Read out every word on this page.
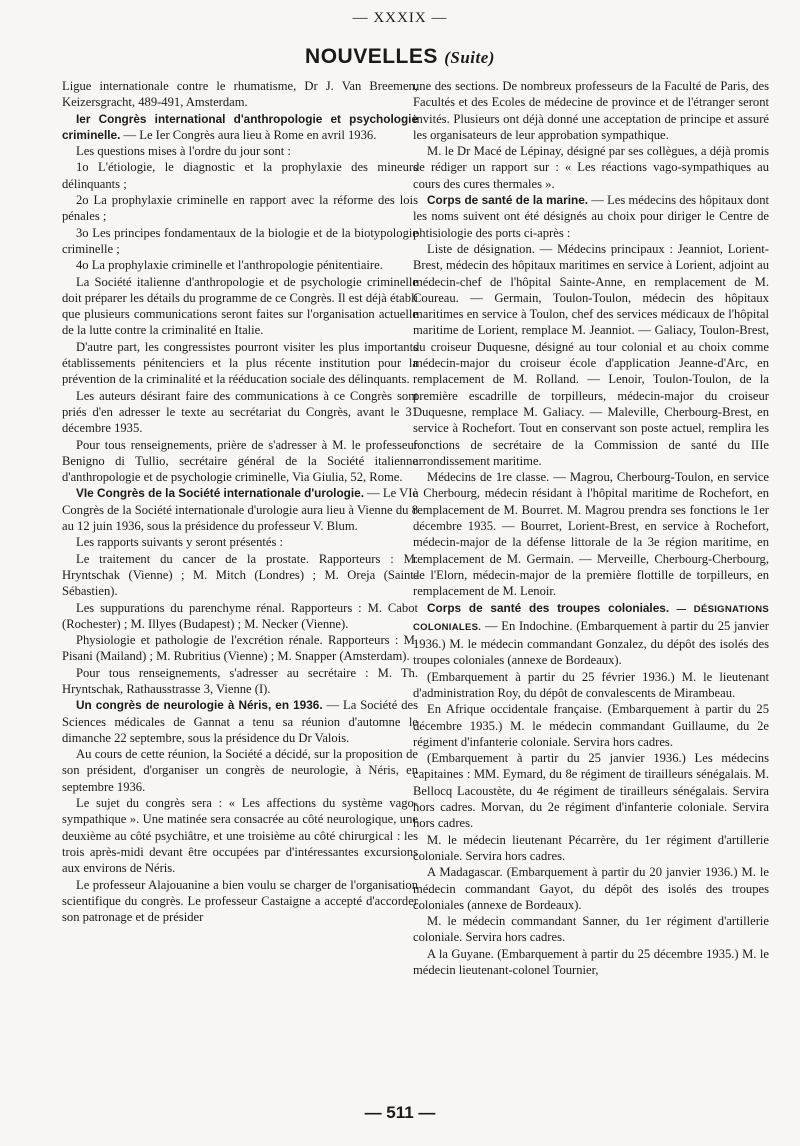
— XXXIX —
NOUVELLES (Suite)

Ligue internationale contre le rhumatisme, Dr J. Van Breemen, Keizersgracht, 489-491, Amsterdam.

Ier Congrès international d'anthropologie et psychologie criminelle. — Le Ier Congrès aura lieu à Rome en avril 1936.

Les questions mises à l'ordre du jour sont :

1o L'étiologie, le diagnostic et la prophylaxie des mineurs délinquants ;

2o La prophylaxie criminelle en rapport avec la réforme des lois pénales ;

3o Les principes fondamentaux de la biologie et de la biotypologie criminelle ;

4o La prophylaxie criminelle et l'anthropologie pénitentiaire.

La Société italienne d'anthropologie et de psychologie criminelle doit préparer les détails du programme de ce Congrès. Il est déjà établi que plusieurs communications seront faites sur l'organisation actuelle de la lutte contre la criminalité en Italie.

D'autre part, les congressistes pourront visiter les plus importants établissements pénitenciers et la plus récente institution pour la prévention de la criminalité et la rééducation sociale des délinquants.

Les auteurs désirant faire des communications à ce Congrès sont priés d'en adresser le texte au secrétariat du Congrès, avant le 31 décembre 1935.

Pour tous renseignements, prière de s'adresser à M. le professeur Benigno di Tullio, secrétaire général de la Société italienne d'anthropologie et de psychologie criminelle, Via Giulia, 52, Rome.

VIe Congrès de la Société internationale d'urologie. — Le VIe Congrès de la Société internationale d'urologie aura lieu à Vienne du 8 au 12 juin 1936, sous la présidence du professeur V. Blum.

Les rapports suivants y seront présentés :

Le traitement du cancer de la prostate. Rapporteurs : M. Hryntschak (Vienne) ; M. Mitch (Londres) ; M. Oreja (Saint-Sébastien).

Les suppurations du parenchyme rénal. Rapporteurs : M. Cabot (Rochester) ; M. Illyes (Budapest) ; M. Necker (Vienne).

Physiologie et pathologie de l'excrétion rénale. Rapporteurs : M. Pisani (Mailand) ; M. Rubritius (Vienne) ; M. Snapper (Amsterdam).

Pour tous renseignements, s'adresser au secrétaire : M. Th. Hryntschak, Rathausstrasse 3, Vienne (I).

Un congrès de neurologie à Néris, en 1936. — La Société des Sciences médicales de Gannat a tenu sa réunion d'automne le dimanche 22 septembre, sous la présidence du Dr Valois.

Au cours de cette réunion, la Société a décidé, sur la proposition de son président, d'organiser un congrès de neurologie, à Néris, en septembre 1936.

Le sujet du congrès sera : « Les affections du système vago-sympathique ». Une matinée sera consacrée au côté neurologique, une deuxième au côté psychiâtre, et une troisième au côté chirurgical : les trois après-midi devant être occupées par d'intéressantes excursions aux environs de Néris.

Le professeur Alajouanine a bien voulu se charger de l'organisation scientifique du congrès. Le professeur Castaigne a accepté d'accorder son patronage et de présider

une des sections. De nombreux professeurs de la Faculté de Paris, des Facultés et des Ecoles de médecine de province et de l'étranger seront invités. Plusieurs ont déjà donné une acceptation de principe et assuré les organisateurs de leur approbation sympathique.

M. le Dr Macé de Lépinay, désigné par ses collègues, a déjà promis de rédiger un rapport sur : « Les réactions vago-sympathiques au cours des cures thermales ».

Corps de santé de la marine. — Les médecins des hôpitaux dont les noms suivent ont été désignés au choix pour diriger le Centre de phtisiologie des ports ci-après :

Liste de désignation. — Médecins principaux : Jeanniot, Lorient-Brest, médecin des hôpitaux maritimes en service à Lorient, adjoint au médecin-chef de l'hôpital Sainte-Anne, en remplacement de M. Coureau. — Germain, Toulon-Toulon, médecin des hôpitaux maritimes en service à Toulon, chef des services médicaux de l'hôpital maritime de Lorient, remplace M. Jeanniot. — Galiacy, Toulon-Brest, du croiseur Duquesne, désigné au tour colonial et au choix comme médecin-major du croiseur école d'application Jeanne-d'Arc, en remplacement de M. Rolland. — Lenoir, Toulon-Toulon, de la première escadrille de torpilleurs, médecin-major du croiseur Duquesne, remplace M. Galiacy. — Maleville, Cherbourg-Brest, en service à Rochefort. Tout en conservant son poste actuel, remplira les fonctions de secrétaire de la Commission de santé du IIIe arrondissement maritime.

Médecins de 1re classe. — Magrou, Cherbourg-Toulon, en service à Cherbourg, médecin résidant à l'hôpital maritime de Rochefort, en remplacement de M. Bourret. M. Magrou prendra ses fonctions le 1er décembre 1935. — Bourret, Lorient-Brest, en service à Rochefort, médecin-major de la défense littorale de la 3e région maritime, en remplacement de M. Germain. — Merveille, Cherbourg-Cherbourg, de l'Elorn, médecin-major de la première flottille de torpilleurs, en remplacement de M. Lenoir.

Corps de santé des troupes coloniales. — DÉSIGNATIONS COLONIALES. — En Indochine. (Embarquement à partir du 25 janvier 1936.) M. le médecin commandant Gonzalez, du dépôt des isolés des troupes coloniales (annexe de Bordeaux).

(Embarquement à partir du 25 février 1936.) M. le lieutenant d'administration Roy, du dépôt de convalescents de Mirambeau.

En Afrique occidentale française. (Embarquement à partir du 25 décembre 1935.) M. le médecin commandant Guillaume, du 2e régiment d'infanterie coloniale. Servira hors cadres.

(Embarquement à partir du 25 janvier 1936.) Les médecins capitaines : MM. Eymard, du 8e régiment de tirailleurs sénégalais. M. Bellocq Lacoustète, du 4e régiment de tirailleurs sénégalais. Servira hors cadres. Morvan, du 2e régiment d'infanterie coloniale. Servira hors cadres.

M. le médecin lieutenant Pécarrère, du 1er régiment d'artillerie coloniale. Servira hors cadres.

A Madagascar. (Embarquement à partir du 20 janvier 1936.) M. le médecin commandant Gayot, du dépôt des isolés des troupes coloniales (annexe de Bordeaux).

M. le médecin commandant Sanner, du 1er régiment d'artillerie coloniale. Servira hors cadres.

A la Guyane. (Embarquement à partir du 25 décembre 1935.) M. le médecin lieutenant-colonel Tournier,

— 511 —
